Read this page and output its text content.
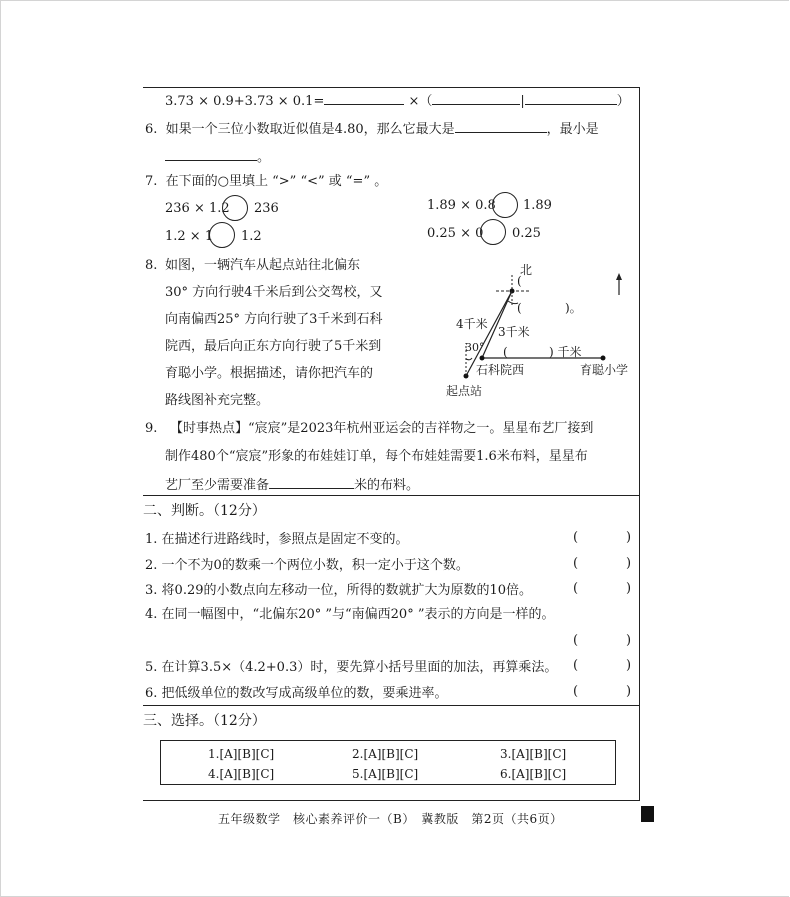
3.73 × 0.9+3.73 × 0.1=	×（	|	）
6. 如果一个三位小数取近似值是4.80，那么它最大是	，最小是
。
7. 在下面的○里填上 “>” “<” 或 “=” 。
236 × 1.2 236	1.89 × 0.8 1.89
1.2 × 1 1.2	0.25 × 0 0.25
8. 如图，一辆汽车从起点站往北偏东
30° 方向行驶4千米后到公交驾校，又
向南偏西25° 方向行驶了3千米到石科
院西，最后向正东方向行驶了5千米到
育聪小学。根据描述，请你把汽车的
路线图补充完整。
北
(
(	)。
4千米
3千米
30° (	) 千米
石科院西	育聪小学
起点站
9. 【时事热点】“宸宸”是2023年杭州亚运会的吉祥物之一。星星布艺厂接到
制作480个“宸宸”形象的布娃娃订单，每个布娃娃需要1.6米布料，星星布
艺厂至少需要准备	米的布料。
二、判断。（12分）
1. 在描述行进路线时，参照点是固定不变的。	(	)
2. 一个不为0的数乘一个两位小数，积一定小于这个数。	(	)
3. 将0.29的小数点向左移动一位，所得的数就扩大为原数的10倍。	(	)
4. 在同一幅图中，“北偏东20° ”与“南偏西20° ”表示的方向是一样的。
(	)
5. 在计算3.5×（4.2+0.3）时，要先算小括号里面的加法，再算乘法。 (	)
6. 把低级单位的数改写成高级单位的数，要乘进率。	(	)
三、选择。（12分）
1.[A][B][C]	2.[A][B][C]	3.[A][B][C]
4.[A][B][C]	5.[A][B][C]	6.[A][B][C]
五年级数学　核心素养评价一（B）　冀教版　第2页（共6页）
